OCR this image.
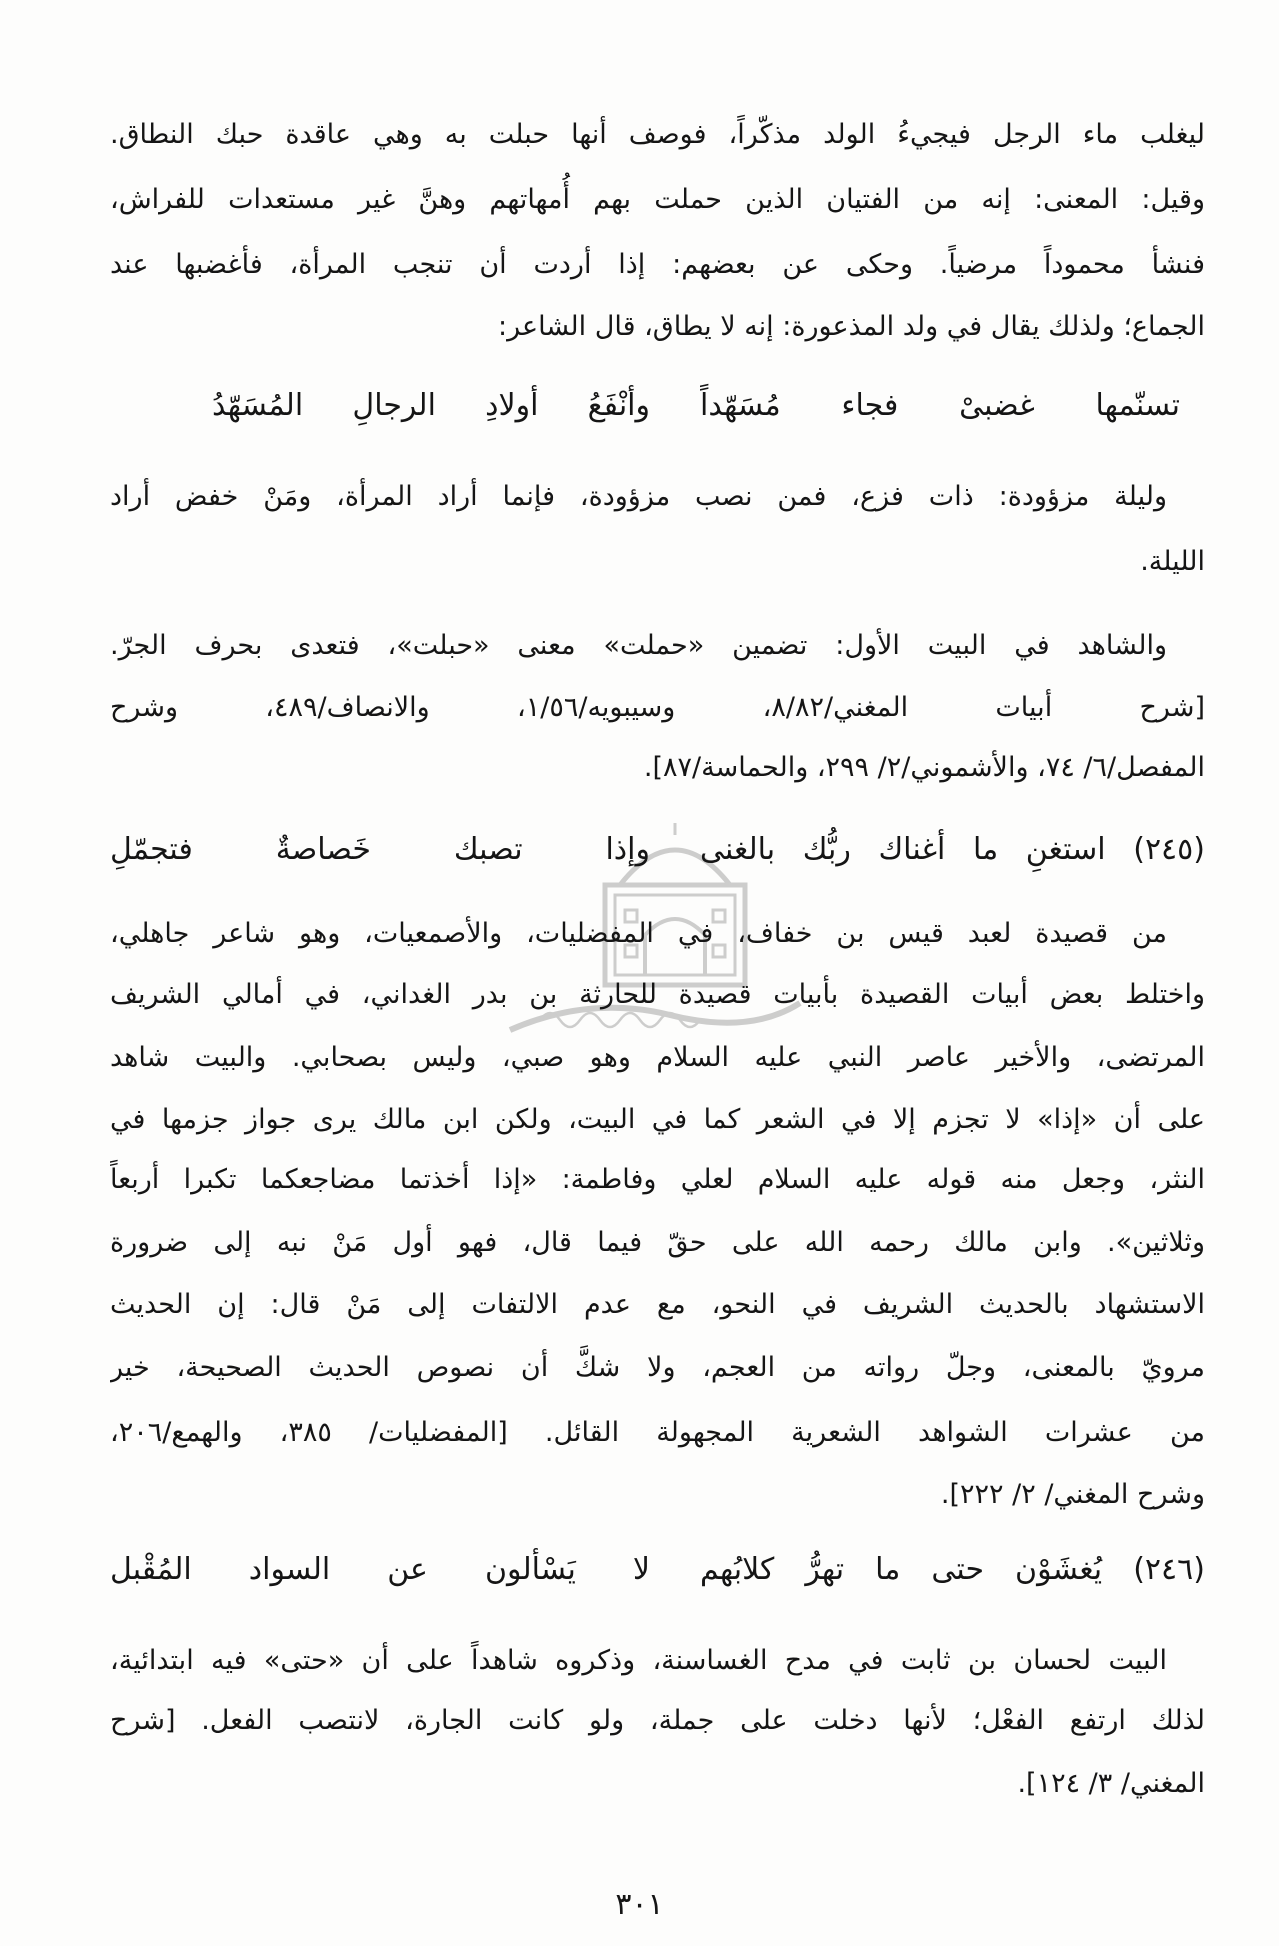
ليغلب ماء الرجل فيجيءُ الولد مذكّراً، فوصف أنها حبلت به وهي عاقدة حبك النطاق.
وقيل: المعنى: إنه من الفتيان الذين حملت بهم أُمهاتهم وهنَّ غير مستعدات للفراش،
فنشأ محموداً مرضياً. وحكى عن بعضهم: إذا أردت أن تنجب المرأة، فأغضبها عند
الجماع؛ ولذلك يقال في ولد المذعورة: إنه لا يطاق، قال الشاعر:
تسنّمها غضبىْ فجاء مُسَهّداً
وأنْفَعُ أولادِ الرجالِ المُسَهّدُ
وليلة مزؤودة: ذات فزع، فمن نصب مزؤودة، فإنما أراد المرأة، ومَنْ خفض أراد
الليلة.
والشاهد في البيت الأول: تضمين «حملت» معنى «حبلت»، فتعدى بحرف الجرّ.
[شرح أبيات المغني/٨/٨٢، وسيبويه/١/٥٦، والانصاف/٤٨٩، وشرح
المفصل/٦/ ٧٤، والأشموني/٢/ ٢٩٩، والحماسة/٨٧].
(٢٤٥) استغنِ ما أغناك ربُّك بالغنى
وإذا تصبك خَصاصةٌ فتجمّلِ
من قصيدة لعبد قيس بن خفاف، في المفضليات، والأصمعيات، وهو شاعر جاهلي،
واختلط بعض أبيات القصيدة بأبيات قصيدة للحارثة بن بدر الغداني، في أمالي الشريف
المرتضى، والأخير عاصر النبي عليه السلام وهو صبي، وليس بصحابي. والبيت شاهد
على أن «إذا» لا تجزم إلا في الشعر كما في البيت، ولكن ابن مالك يرى جواز جزمها في
النثر، وجعل منه قوله عليه السلام لعلي وفاطمة: «إذا أخذتما مضاجعكما تكبرا أربعاً
وثلاثين». وابن مالك رحمه الله على حقّ فيما قال، فهو أول مَنْ نبه إلى ضرورة
الاستشهاد بالحديث الشريف في النحو، مع عدم الالتفات إلى مَنْ قال: إن الحديث
مرويّ بالمعنى، وجلّ رواته من العجم، ولا شكَّ أن نصوص الحديث الصحيحة، خير
من عشرات الشواهد الشعرية المجهولة القائل. [المفضليات/ ٣٨٥، والهمع/٢٠٦،
وشرح المغني/ ٢/ ٢٢٢].
(٢٤٦) يُغشَوْن حتى ما تهرُّ كلابُهم
لا يَسْألون عن السواد المُقْبل
البيت لحسان بن ثابت في مدح الغساسنة، وذكروه شاهداً على أن «حتى» فيه ابتدائية،
لذلك ارتفع الفعْل؛ لأنها دخلت على جملة، ولو كانت الجارة، لانتصب الفعل. [شرح
المغني/ ٣/ ١٢٤].
٣٠١
